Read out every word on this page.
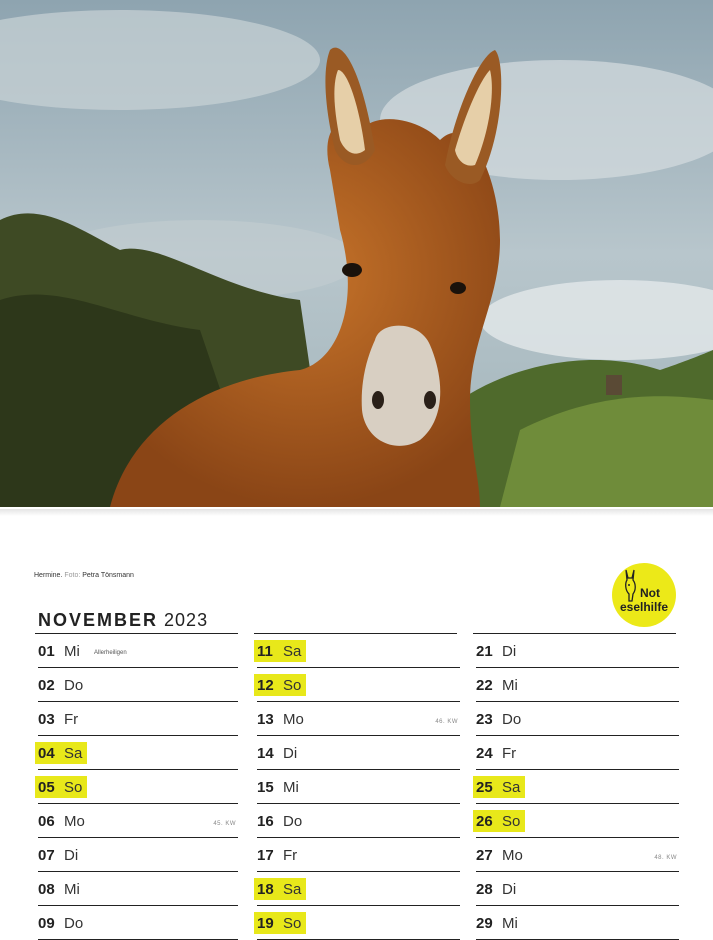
Hermine. Foto: Petra Tönsmann
Not
eselhilfe
NOVEMBER 2023
01 Mi Allerheiligen
02 Do
03 Fr
04 Sa
05 So
06 Mo	45. KW
07 Di
08 Mi
09 Do
11 Sa
12 So
13 Mo	46. KW
14 Di
15 Mi
16 Do
17 Fr
18 Sa
19 So
21 Di
22 Mi
23 Do
24 Fr
25 Sa
26 So
27 Mo	48. KW
28 Di
29 Mi
